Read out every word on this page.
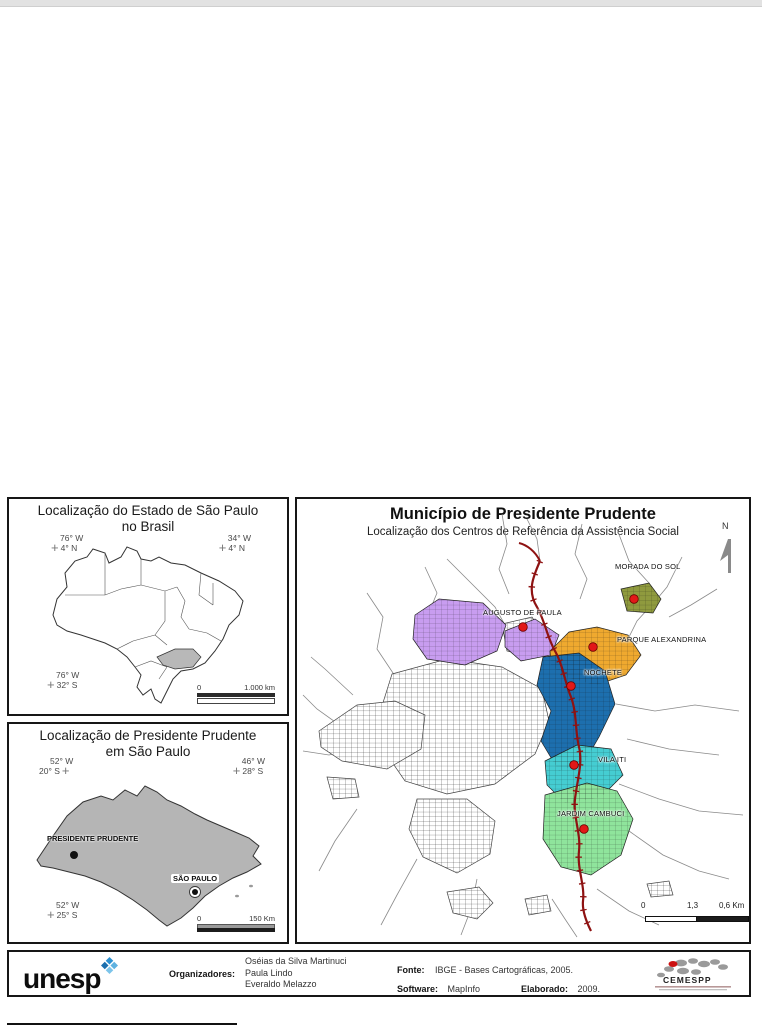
Localização do Estado de São Paulo
no Brasil
76° W
+ 4° N
34° W
+ 4° N
76° W
+ 32° S	0	1.000 km
Localização de Presidente Prudente
em São Paulo
PRESIDENTE PRUDENTE
SÃO PAULO
52° W
20° S +
46° W
+ 28° S
52° W
+ 25° S	0	150 Km
Município de Presidente Prudente
Localização dos Centros de Referência da Assistência Social	N
MORADA DO SOL
AUGUSTO DE PAULA
PARQUE ALEXANDRINA
NOCHETE
VILA ITI
JARDIM CAMBUCI
0	1,3	0,6 Km
unesp	Organizadores:
Oséias da Silva Martinuci
Paula Lindo
Everaldo Melazzo
Fonte: IBGE - Bases Cartográficas, 2005.
Software: MapInfo	Elaborado: 2009.
CEMESPP
